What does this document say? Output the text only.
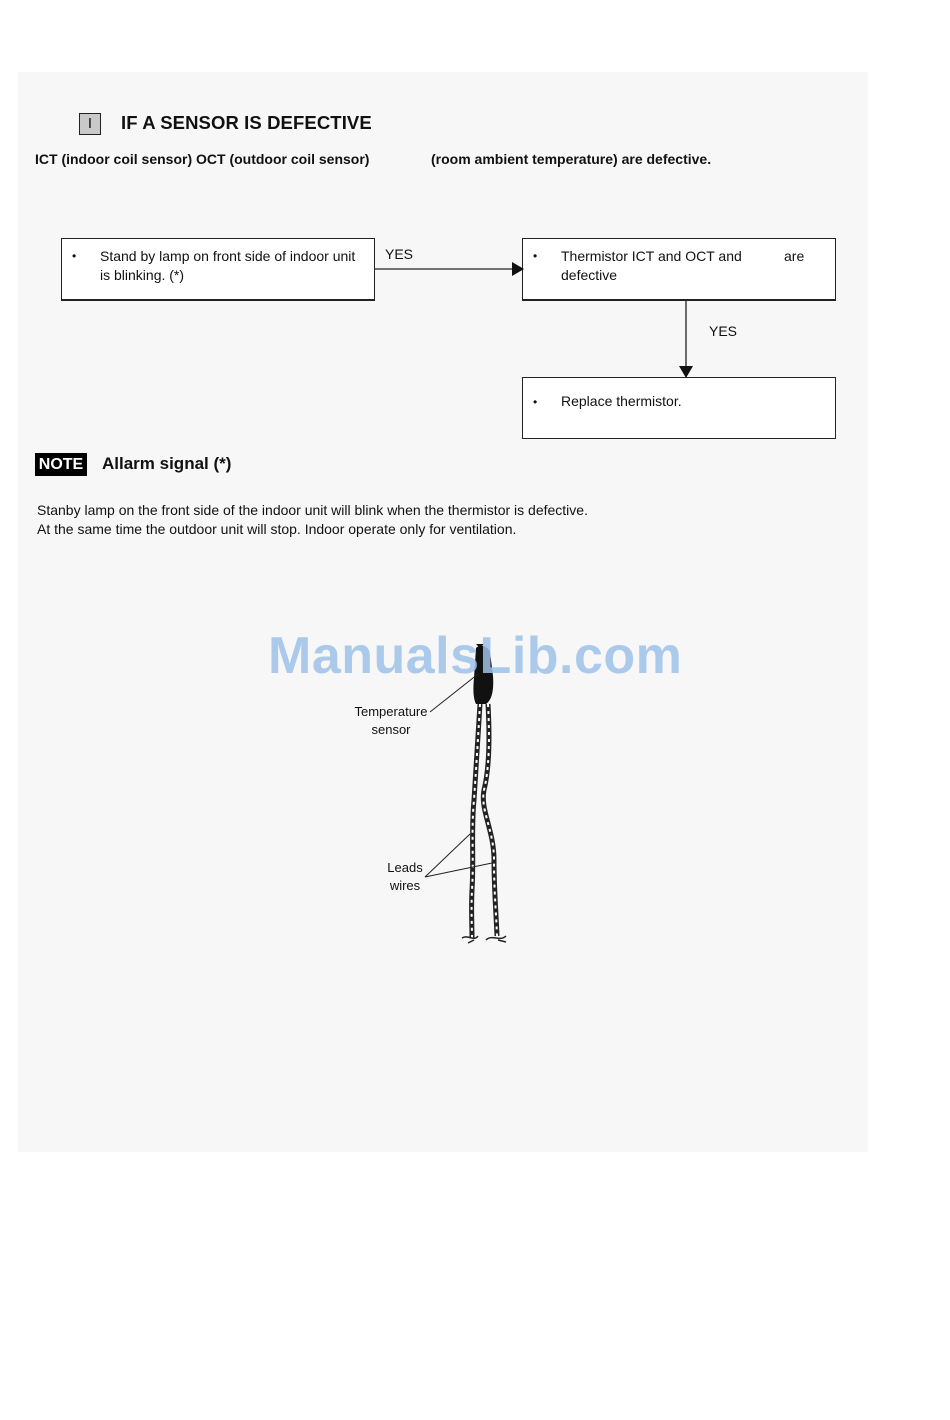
I	IF A SENSOR IS DEFECTIVE
ICT (indoor coil sensor) OCT (outdoor coil sensor)	(room ambient temperature) are defective.
• Stand by lamp on front side of indoor unit is blinking. (*)
• Thermistor ICT and OCT and	are
defective
• Replace thermistor.
YES
YES
NOTE Allarm signal (*)
Stanby lamp on the front side of the indoor unit will blink when the thermistor is defective.
At the same time the outdoor unit will stop. Indoor operate only for ventilation.
ManualsLib.com
Temperature
sensor
Leads
wires
